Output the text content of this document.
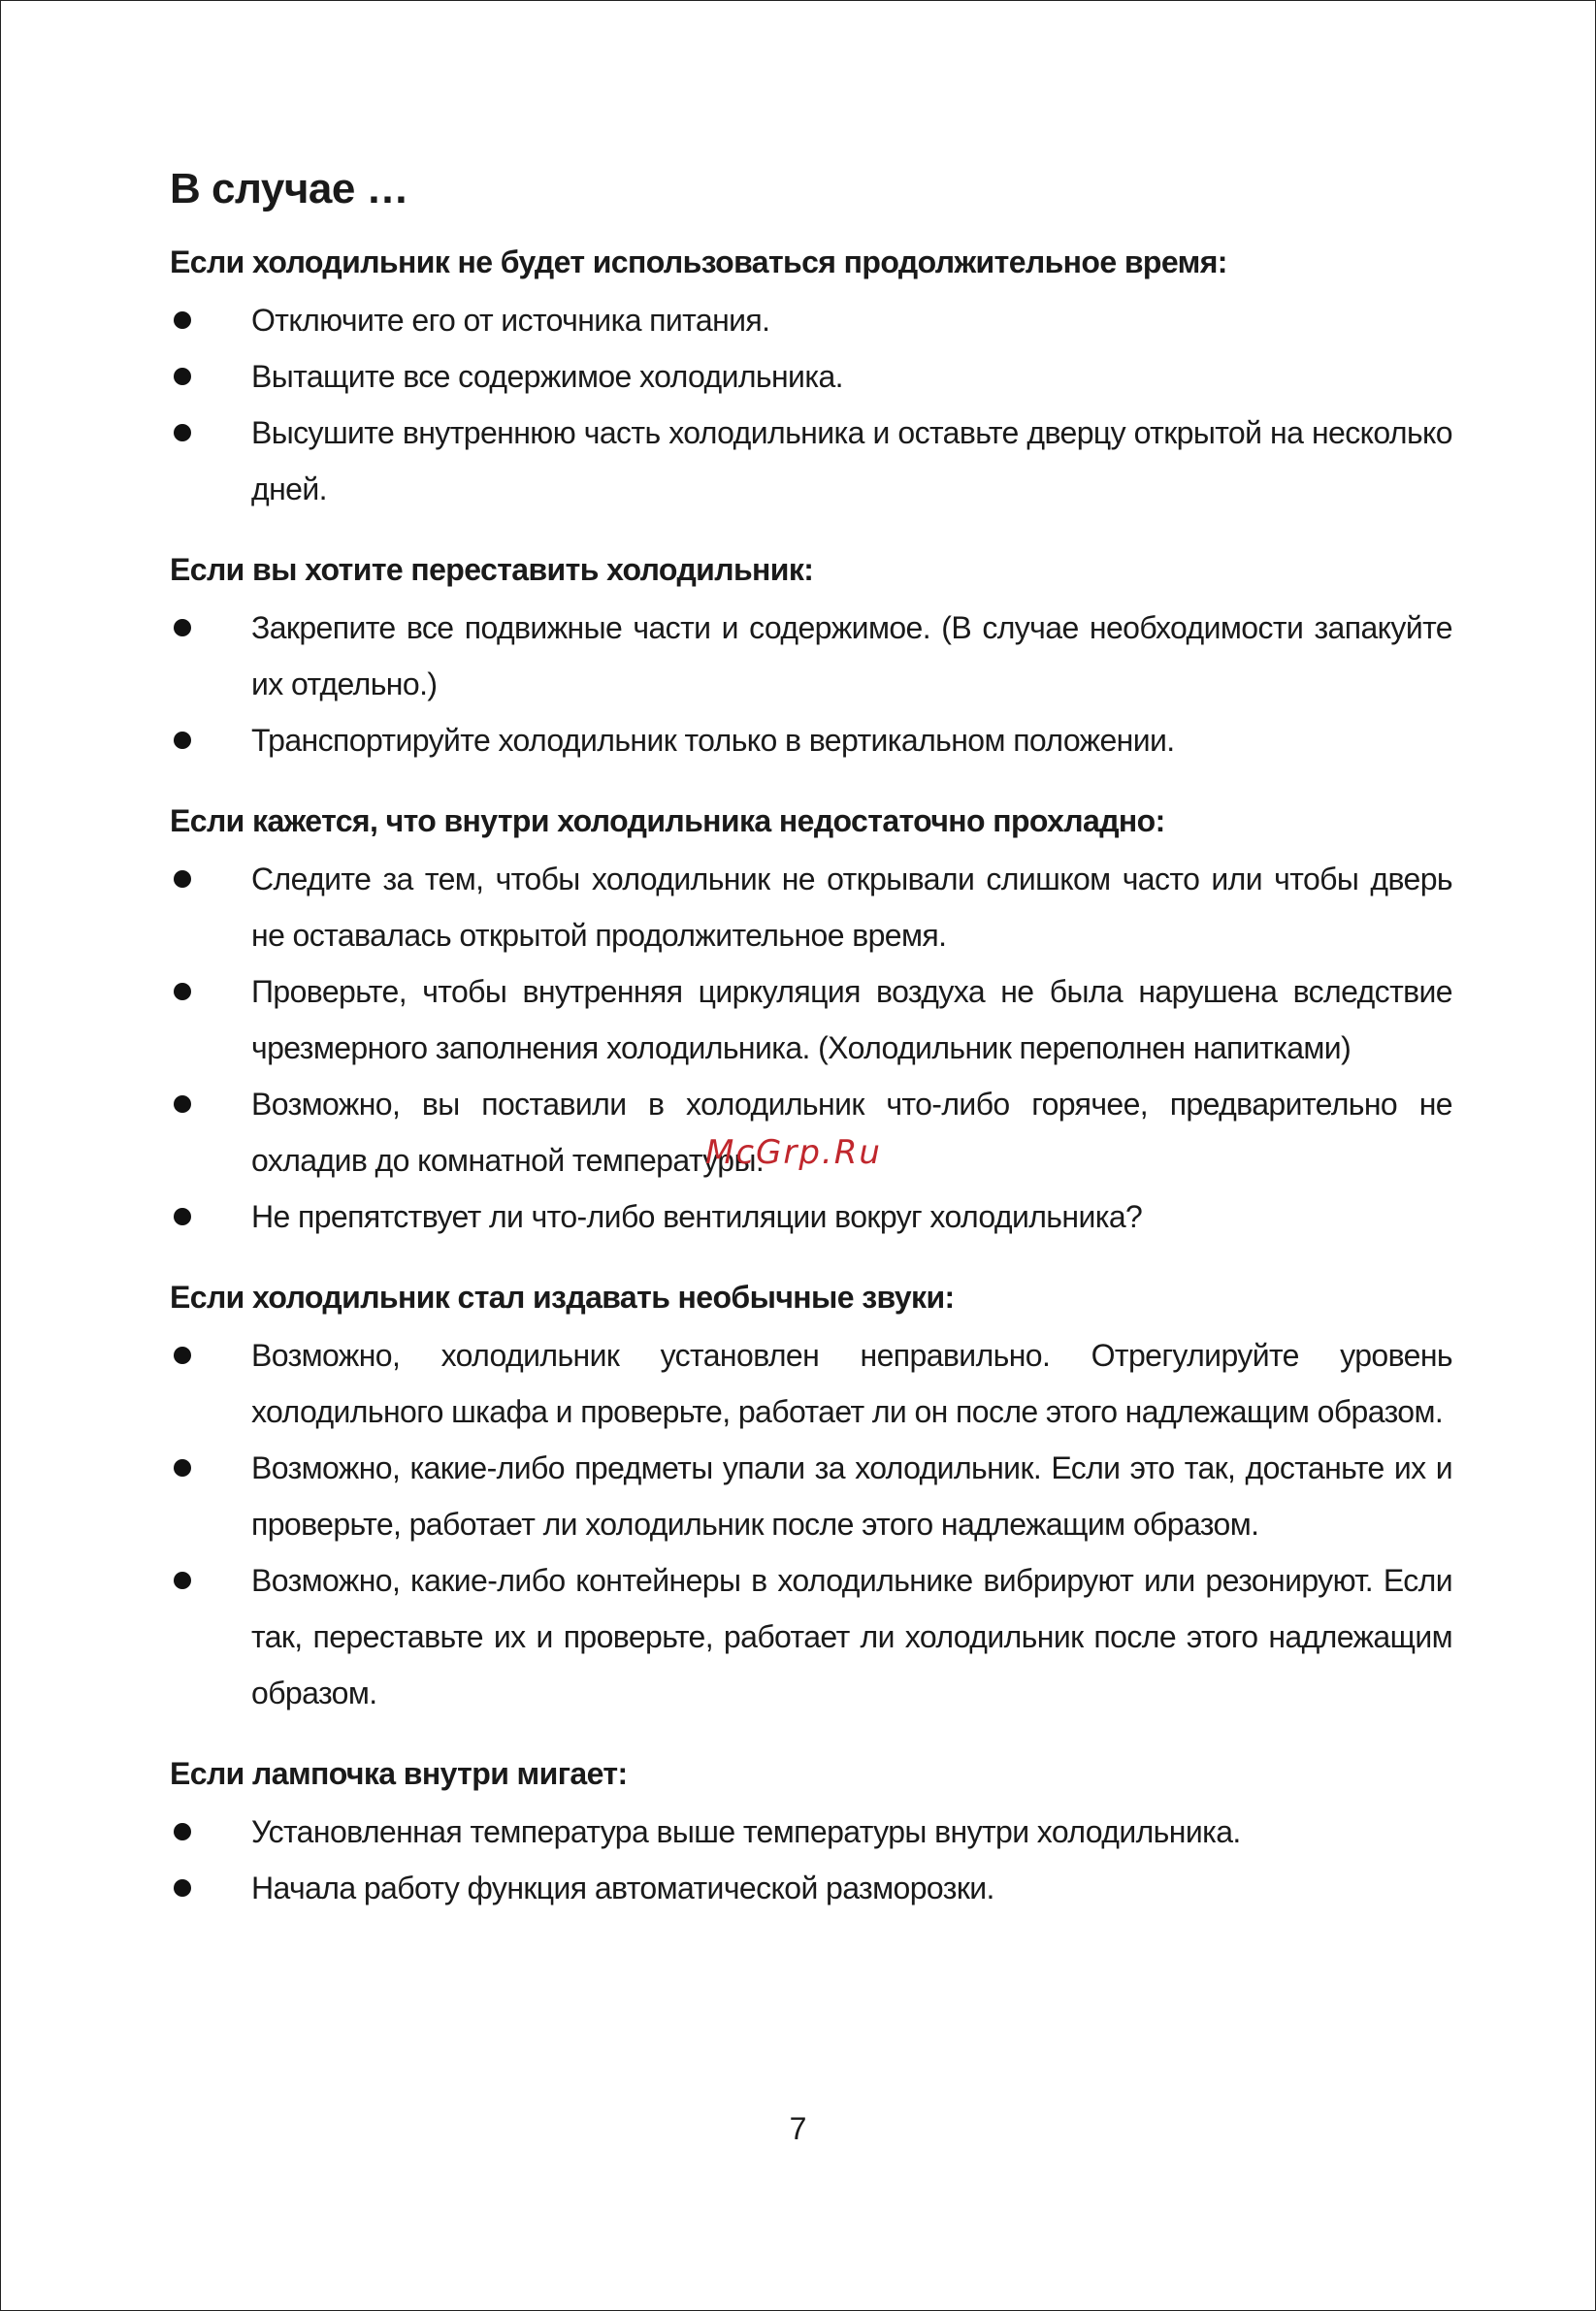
В случае …
Если холодильник не будет использоваться продолжительное время:
Отключите его от источника питания.
Вытащите все содержимое холодильника.
Высушите внутреннюю часть холодильника и оставьте дверцу открытой на несколько дней.
Если вы хотите переставить холодильник:
Закрепите все подвижные части и содержимое. (В случае необходимости запакуйте их отдельно.)
Транспортируйте холодильник только в вертикальном положении.
Если кажется, что внутри холодильника недостаточно прохладно:
Следите за тем, чтобы холодильник не открывали слишком часто или чтобы дверь не оставалась открытой продолжительное время.
Проверьте, чтобы внутренняя циркуляция воздуха не была нарушена вследствие чрезмерного заполнения холодильника. (Холодильник переполнен напитками)
Возможно, вы поставили в холодильник что-либо горячее, предварительно не охладив до комнатной температуры.
Не препятствует ли что-либо вентиляции вокруг холодильника?
Если холодильник стал издавать необычные звуки:
Возможно, холодильник установлен неправильно. Отрегулируйте уровень холодильного шкафа и проверьте, работает ли он после этого надлежащим образом.
Возможно, какие-либо предметы упали за холодильник. Если это так, достаньте их и проверьте, работает ли холодильник после этого надлежащим образом.
Возможно, какие-либо контейнеры в холодильнике вибрируют или резонируют. Если так, переставьте их и проверьте, работает ли холодильник после этого надлежащим образом.
Если лампочка внутри мигает:
Установленная температура выше температуры внутри холодильника.
Начала работу функция автоматической разморозки.
McGrp.Ru
7
